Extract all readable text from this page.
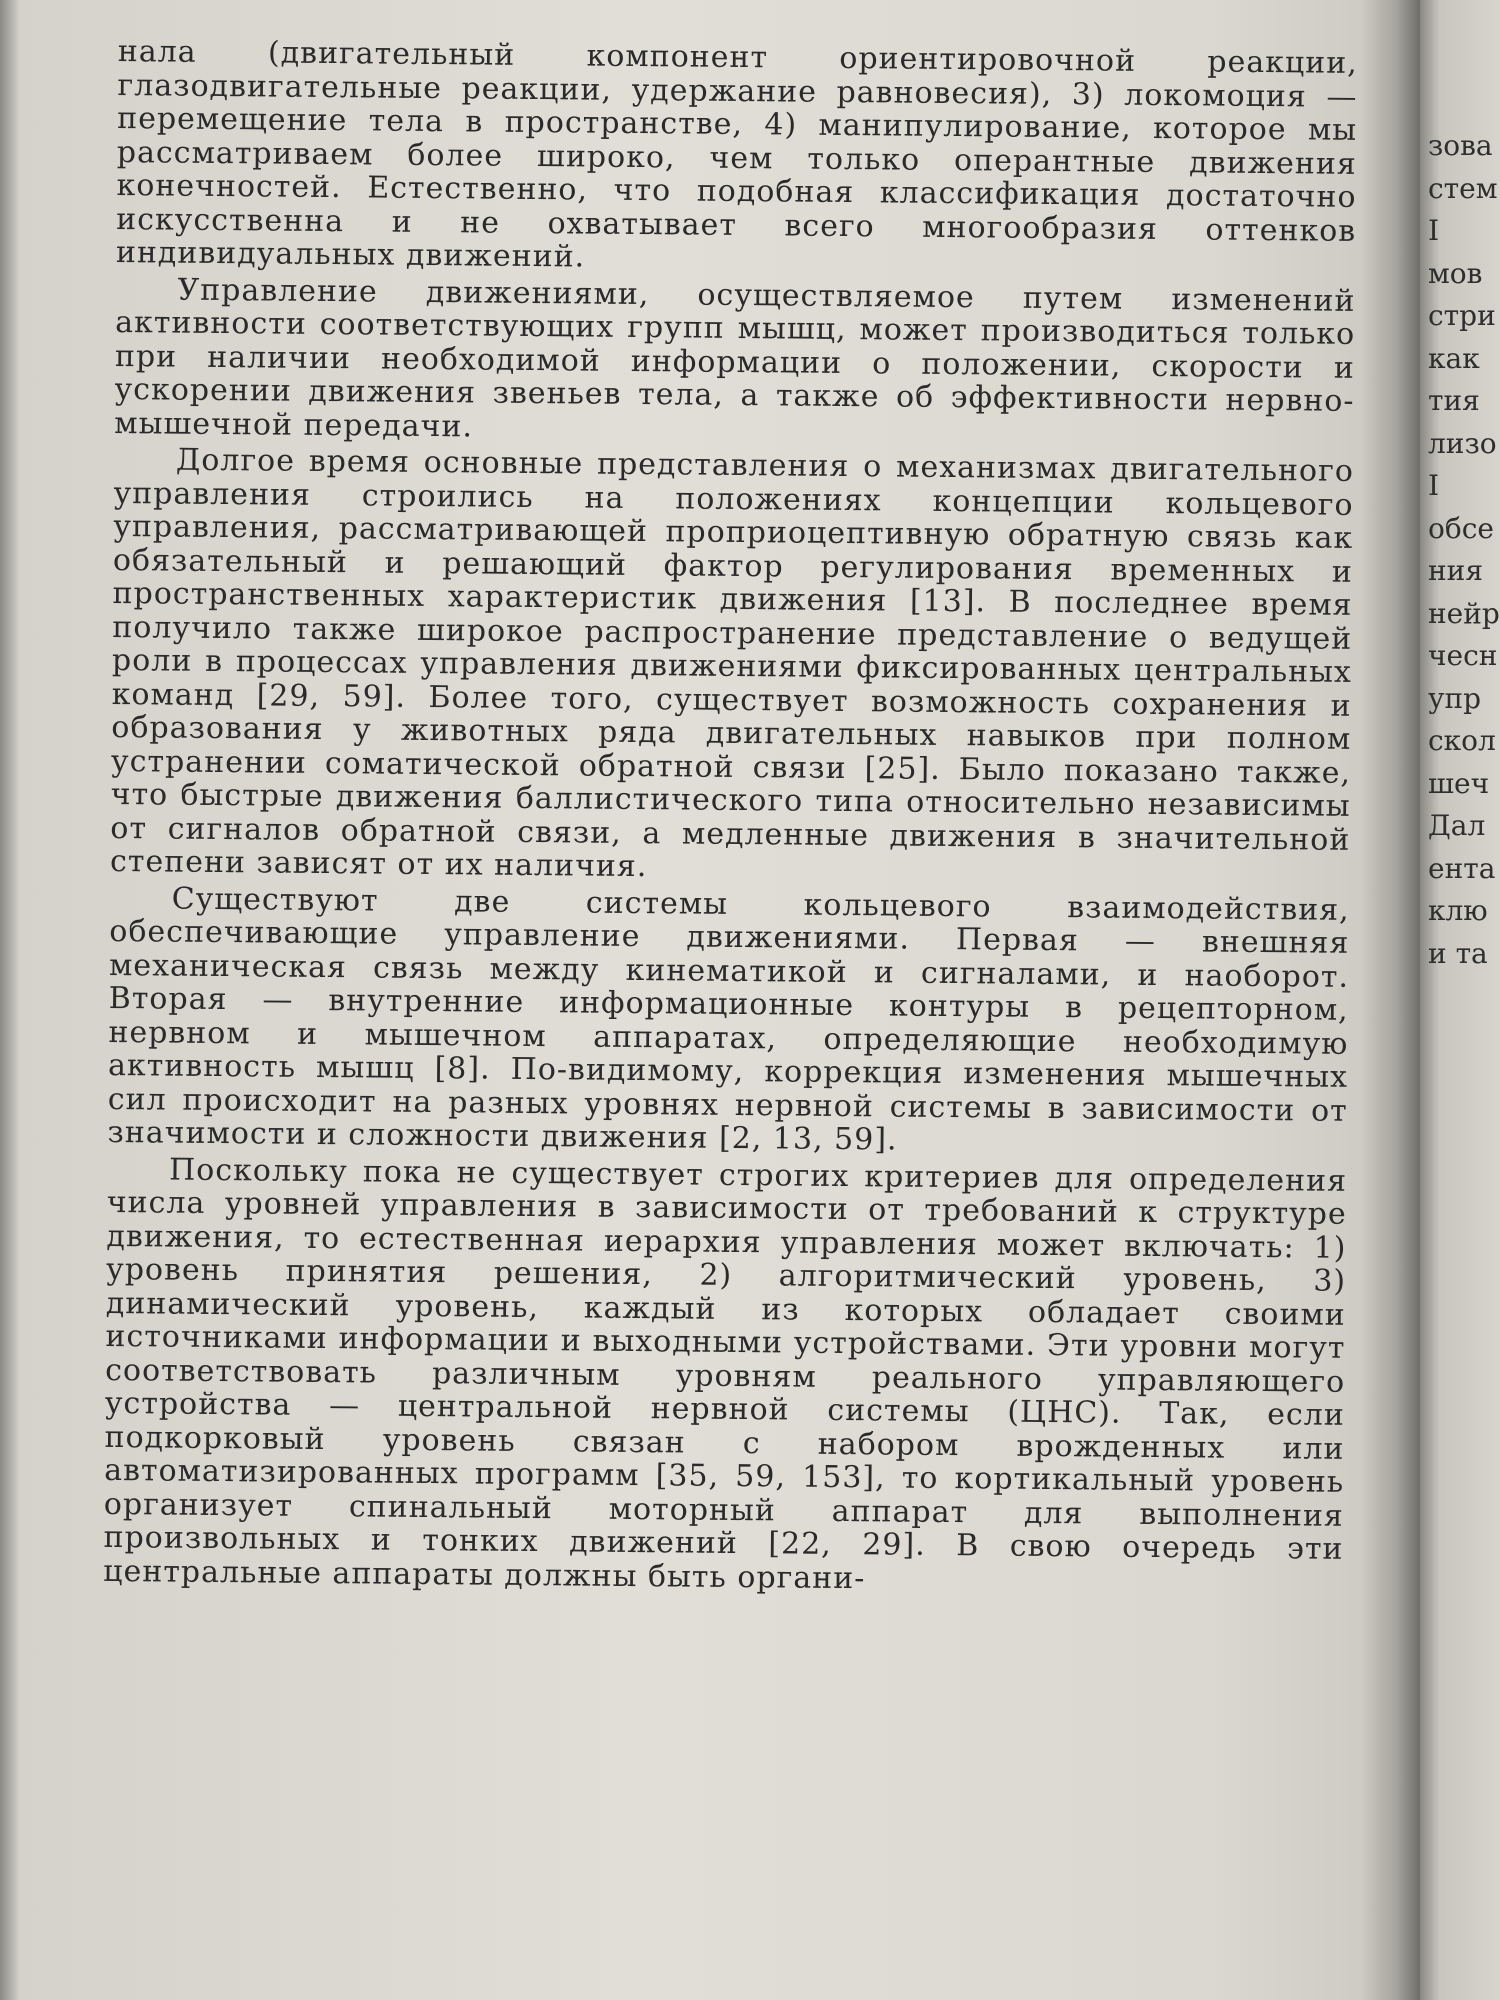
нала (двигательный компонент ориентировочной реакции, глазодвигательные реакции, удержание равновесия), 3) локомоция — перемещение тела в пространстве, 4) манипулирование, которое мы рассматриваем более широко, чем только оперантные движения конечностей. Естественно, что подобная классификация достаточно искусственна и не охватывает всего многообразия оттенков индивидуальных движений.

Управление движениями, осуществляемое путем изменений активности соответствующих групп мышц, может производиться только при наличии необходимой информации о положении, скорости и ускорении движения звеньев тела, а также об эффективности нервно-мышечной передачи.

Долгое время основные представления о механизмах двигательного управления строились на положениях концепции кольцевого управления, рассматривающей проприоцептивную обратную связь как обязательный и решающий фактор регулирования временных и пространственных характеристик движения [13]. В последнее время получило также широкое распространение представление о ведущей роли в процессах управления движениями фиксированных центральных команд [29, 59]. Более того, существует возможность сохранения и образования у животных ряда двигательных навыков при полном устранении соматической обратной связи [25]. Было показано также, что быстрые движения баллистического типа относительно независимы от сигналов обратной связи, а медленные движения в значительной степени зависят от их наличия.

Существуют две системы кольцевого взаимодействия, обеспечивающие управление движениями. Первая — внешняя механическая связь между кинематикой и сигналами, и наоборот. Вторая — внутренние информационные контуры в рецепторном, нервном и мышечном аппаратах, определяющие необходимую активность мышц [8]. По-видимому, коррекция изменения мышечных сил происходит на разных уровнях нервной системы в зависимости от значимости и сложности движения [2, 13, 59].

Поскольку пока не существует строгих критериев для определения числа уровней управления в зависимости от требований к структуре движения, то естественная иерархия управления может включать: 1) уровень принятия решения, 2) алгоритмический уровень, 3) динамический уровень, каждый из которых обладает своими источниками информации и выходными устройствами. Эти уровни могут соответствовать различным уровням реального управляющего устройства — центральной нервной системы (ЦНС). Так, если подкорковый уровень связан с набором врожденных или автоматизированных программ [35, 59, 153], то кортикальный уровень организует спинальный моторный аппарат для выполнения произвольных и тонких движений [22, 29]. В свою очередь эти центральные аппараты должны быть органи-

зова
стем
І
мов
стри
как
тия
лизо
І
обсе
ния
нейр
чесн
упр
скол
шеч
Дал
ента
клю
и та
